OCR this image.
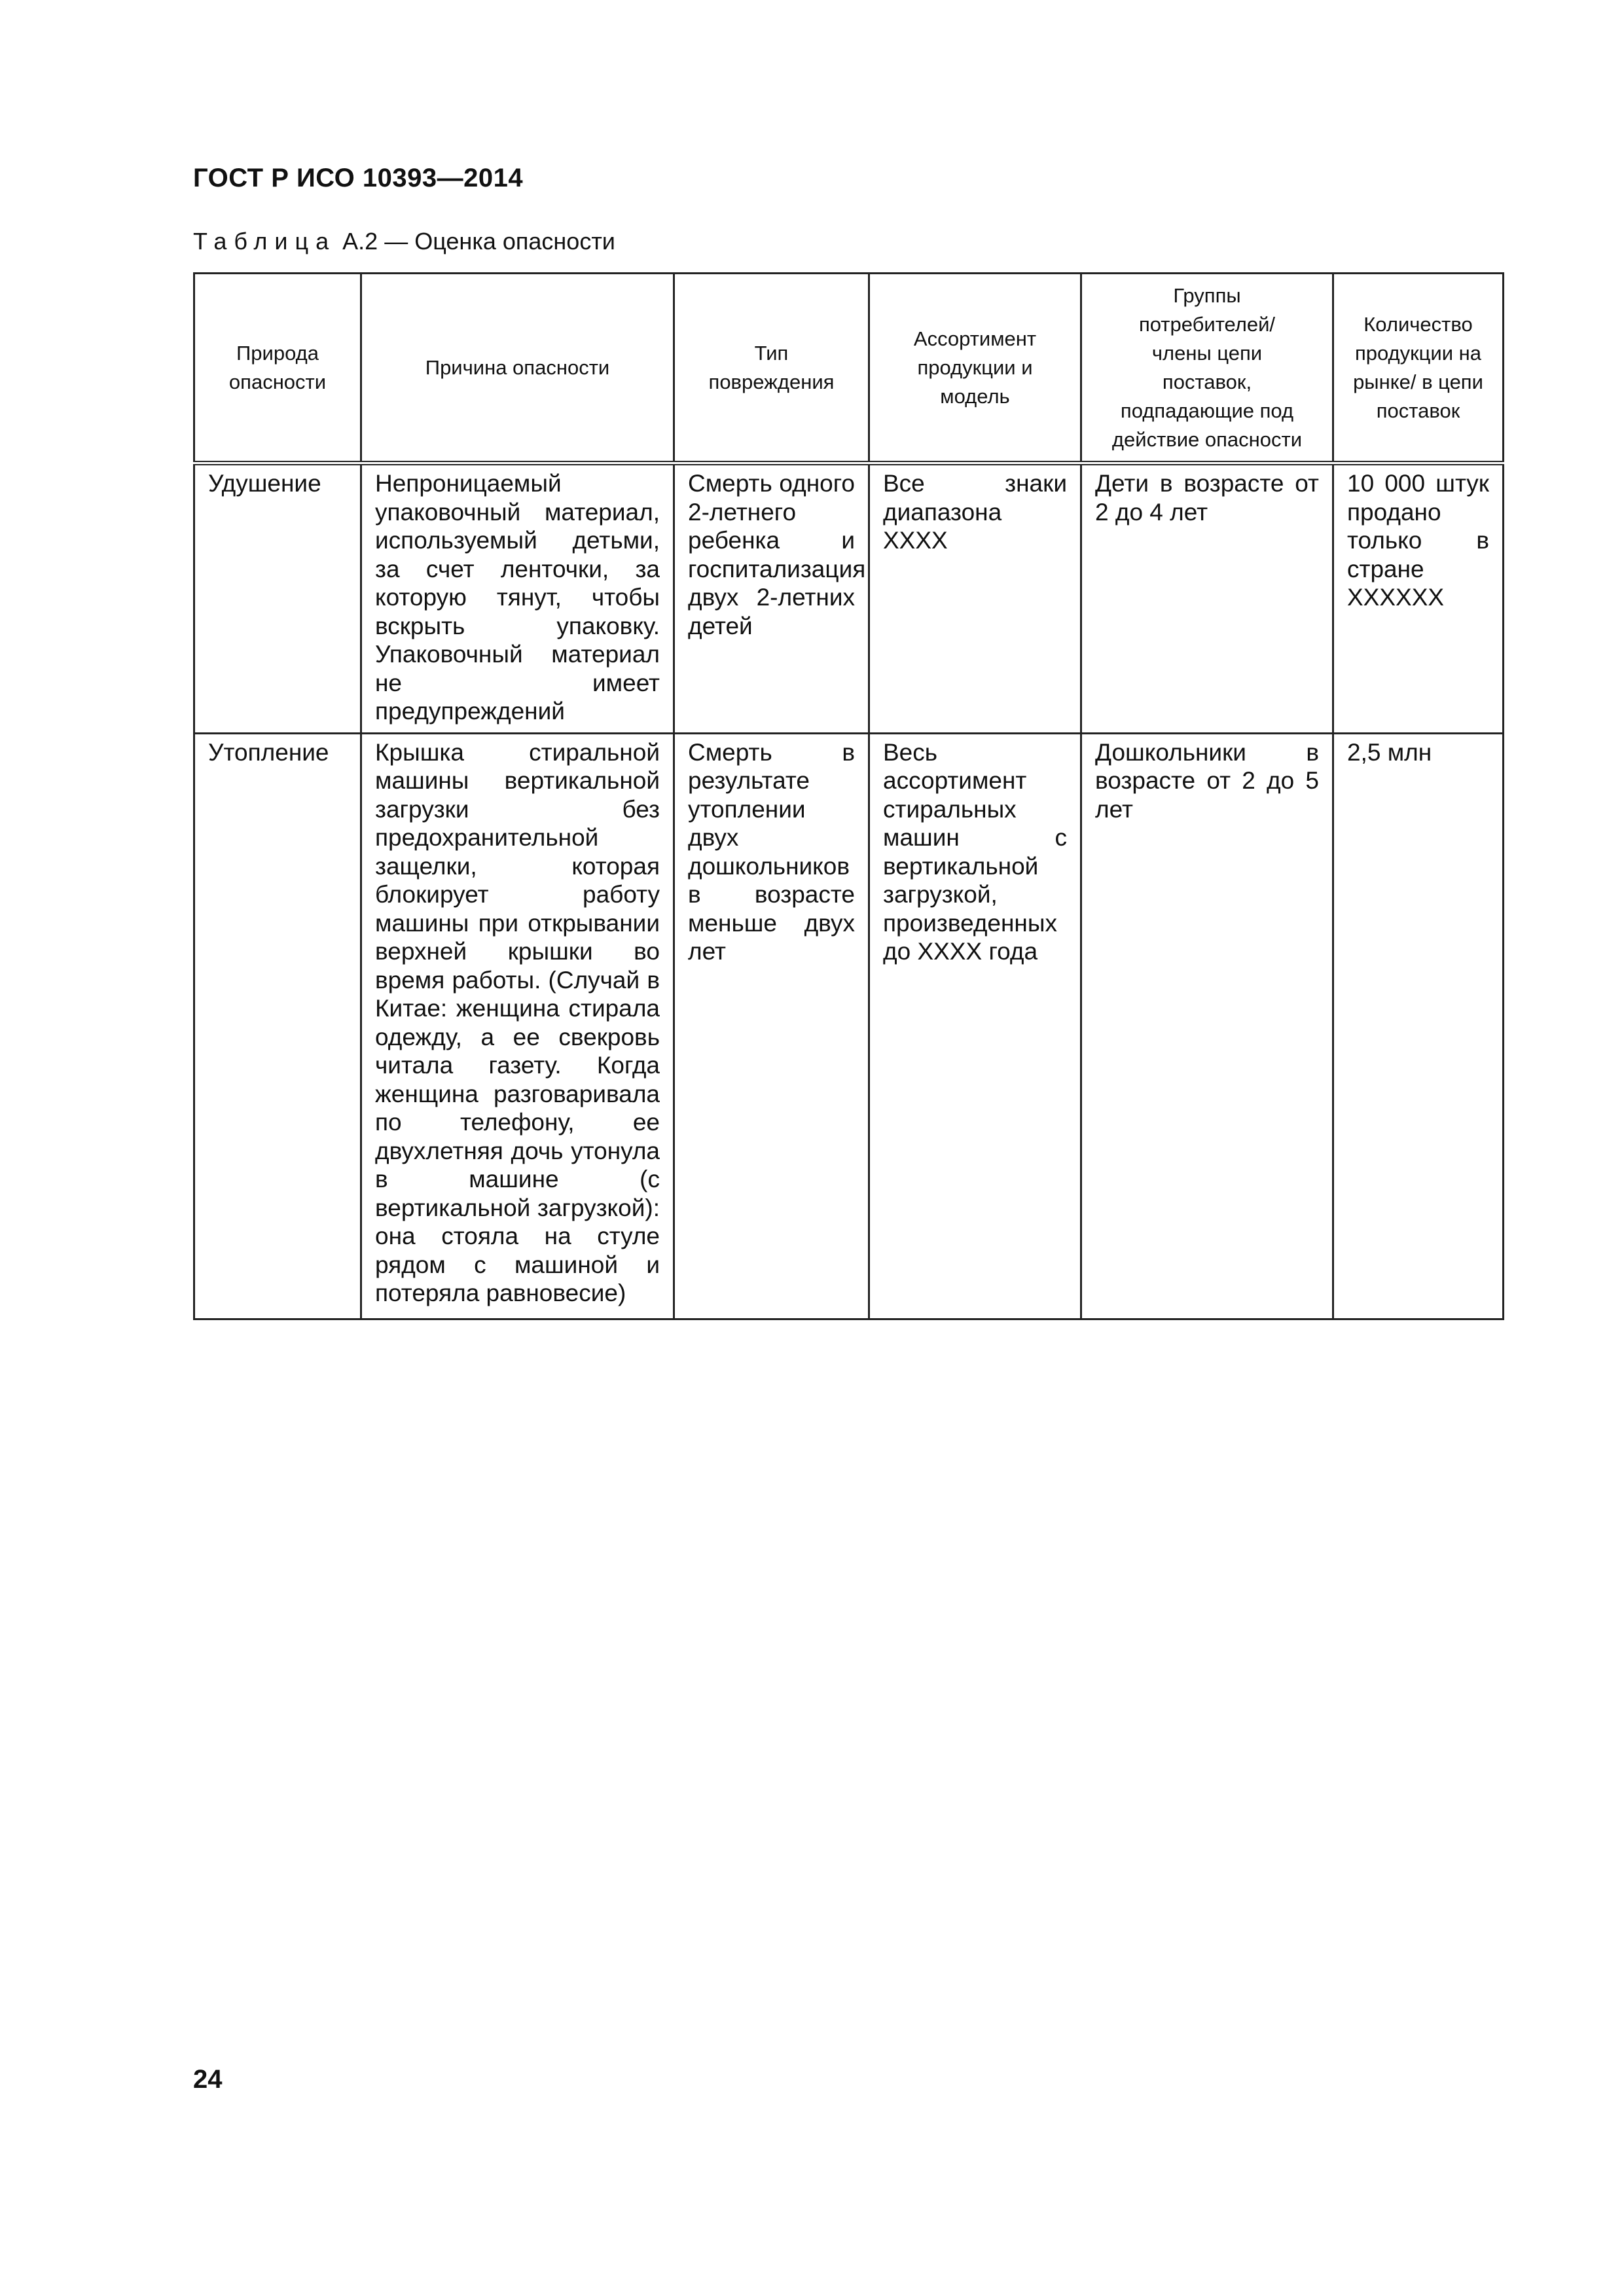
ГОСТ Р ИСО 10393—2014
Таблица А.2 — Оценка опасности
Природа опасности	Причина опасности	Тип повреждения	Ассортимент продукции и модель	Группы потребителей/ члены цепи поставок, подпадающие под действие опасности	Количество продукции на рынке/ в цепи поставок
Удушение	Непроницаемый упаковочный материал, используемый детьми, за счет ленточки, за которую тянут, чтобы вскрыть упаковку. Упаковочный материал не имеет предупреждений	Смерть одного 2-летнего ребенка и госпитализация двух 2-летних детей	Все знаки диапазона XXXX	Дети в возрасте от 2 до 4 лет	10 000 штук продано только в стране XXXXXX
Утопление	Крышка стиральной машины вертикальной загрузки без предохранительной защелки, которая блокирует работу машины при открывании верхней крышки во время работы. (Случай в Китае: женщина стирала одежду, а ее свекровь читала газету. Когда женщина разговаривала по телефону, ее двухлетняя дочь утонула в машине (с вертикальной загрузкой): она стояла на стуле рядом с машиной и потеряла равновесие)	Смерть в результате утоплении двух дошкольников в возрасте меньше двух лет	Весь ассортимент стиральных машин с вертикальной загрузкой, произведенных до XXXX года	Дошкольники в возрасте от 2 до 5 лет	2,5 млн
24
